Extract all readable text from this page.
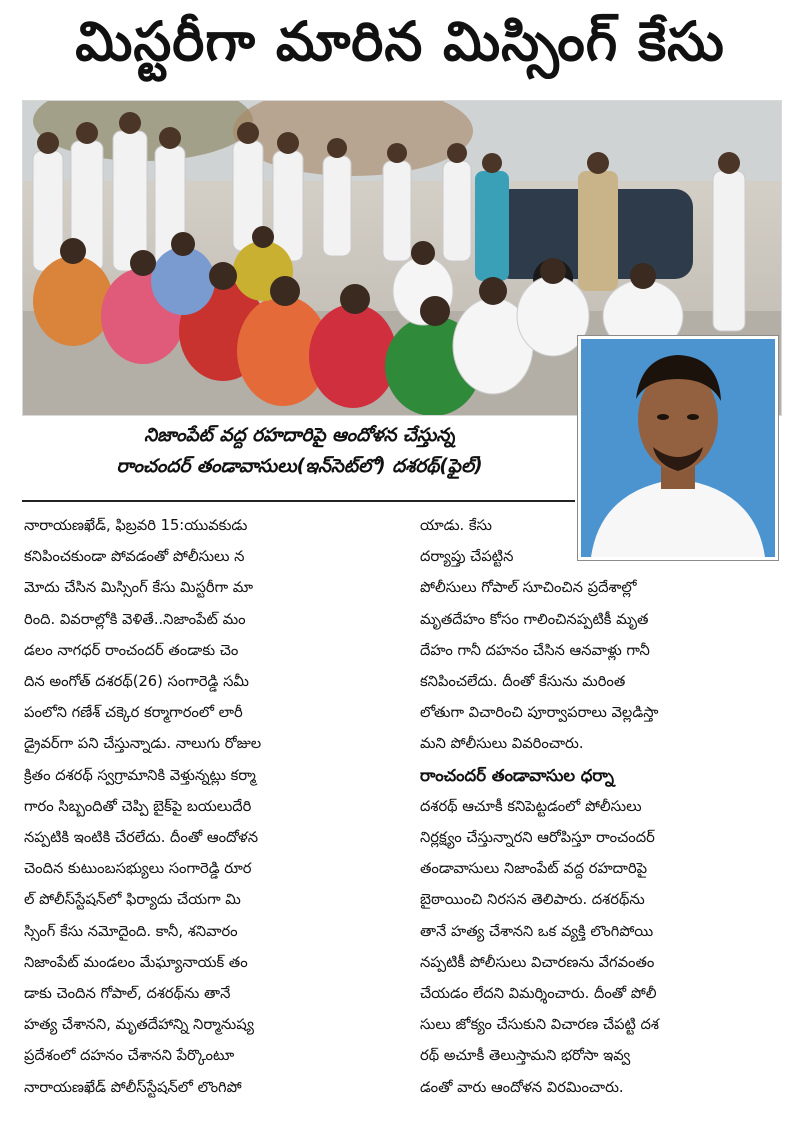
మిస్టరీగా మారిన మిస్సింగ్ కేసు
నిజాంపేట్ వద్ద రహదారిపై ఆందోళన చేస్తున్న
రాంచందర్ తండావాసులు(ఇన్‌సెట్‌లో) దశరథ్(ఫైల్)
నారాయణఖేడ్, ఫిబ్రవరి 15:యువకుడు
కనిపించకుండా పోవడంతో పోలీసులు న
మోదు చేసిన మిస్సింగ్ కేసు మిస్టరీగా మా
రింది. వివరాల్లోకి వెళితే..నిజాంపేట్ మం
డలం నాగధర్ రాంచందర్ తండాకు చెం
దిన అంగోత్ దశరథ్(26) సంగారెడ్డి సమీ
పంలోని గణేశ్ చక్కెర కర్మాగారంలో లారీ
డ్రైవర్‌గా పని చేస్తున్నాడు. నాలుగు రోజుల
క్రితం దశరథ్ స్వగ్రామానికి వెళ్తున్నట్లు కర్మా
గారం సిబ్బందితో చెప్పి బైక్‌పై బయలుదేరి
నప్పటికి ఇంటికి చేరలేదు. దీంతో ఆందోళన
చెందిన కుటుంబసభ్యులు సంగారెడ్డి రూర
ల్ పోలీస్‌స్టేషన్‌లో ఫిర్యాదు చేయగా మి
స్సింగ్ కేసు నమోదైంది. కానీ, శనివారం
నిజాంపేట్ మండలం మేఘ్యానాయక్ తం
డాకు చెందిన గోపాల్, దశరథ్‌ను తానే
హత్య చేశానని, మృతదేహాన్ని నిర్మానుష్య
ప్రదేశంలో దహనం చేశానని పేర్కొంటూ
నారాయణఖేడ్ పోలీస్‌స్టేషన్‌లో లొంగిపో
యాడు. కేసు
దర్యాప్తు చేపట్టిన
పోలీసులు గోపాల్ సూచించిన ప్రదేశాల్లో
మృతదేహం కోసం గాలించినప్పటికీ మృత
దేహం గానీ దహనం చేసిన ఆనవాళ్లు గానీ
కనిపించలేదు. దీంతో కేసును మరింత
లోతుగా విచారించి పూర్వాపరాలు వెల్లడిస్తా
మని పోలీసులు వివరించారు.
రాంచందర్ తండావాసుల ధర్నా
దశరథ్ ఆచూకీ కనిపెట్టడంలో పోలీసులు
నిర్లక్ష్యం చేస్తున్నారని ఆరోపిస్తూ రాంచందర్
తండావాసులు నిజాంపేట్ వద్ద రహదారిపై
బైఠాయించి నిరసన తెలిపారు. దశరథ్‌ను
తానే హత్య చేశానని ఒక వ్యక్తి లొంగిపోయి
నప్పటికీ పోలీసులు విచారణను వేగవంతం
చేయడం లేదని విమర్శించారు. దీంతో పోలీ
సులు జోక్యం చేసుకుని విచారణ చేపట్టి దశ
రథ్ అచూకీ తెలుస్తామని భరోసా ఇవ్వ
డంతో వారు ఆందోళన విరమించారు.
